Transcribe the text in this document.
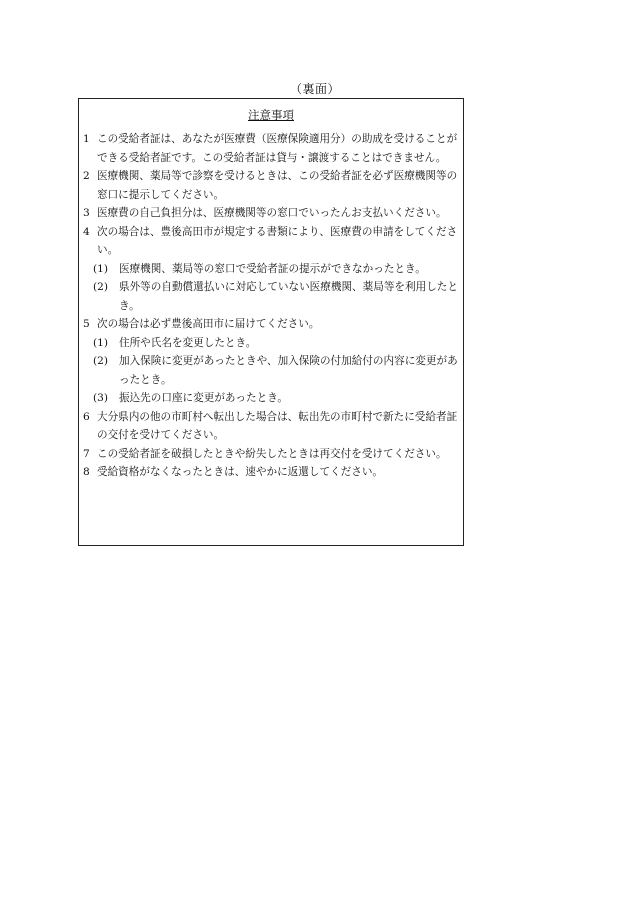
（裏面）
注意事項
1 この受給者証は、あなたが医療費（医療保険適用分）の助成を受けることができる受給者証です。この受給者証は貸与・譲渡することはできません。
2 医療機関、薬局等で診察を受けるときは、この受給者証を必ず医療機関等の窓口に提示してください。
3 医療費の自己負担分は、医療機関等の窓口でいったんお支払いください。
4 次の場合は、豊後高田市が規定する書類により、医療費の申請をしてください。
(1)	医療機関、薬局等の窓口で受給者証の提示ができなかったとき。
(2)	県外等の自動償還払いに対応していない医療機関、薬局等を利用したとき。
5 次の場合は必ず豊後高田市に届けてください。
(1)	住所や氏名を変更したとき。
(2)	加入保険に変更があったときや、加入保険の付加給付の内容に変更があったとき。
(3)	振込先の口座に変更があったとき。
6 大分県内の他の市町村へ転出した場合は、転出先の市町村で新たに受給者証の交付を受けてください。
7 この受給者証を破損したときや紛失したときは再交付を受けてください。
8 受給資格がなくなったときは、速やかに返還してください。
